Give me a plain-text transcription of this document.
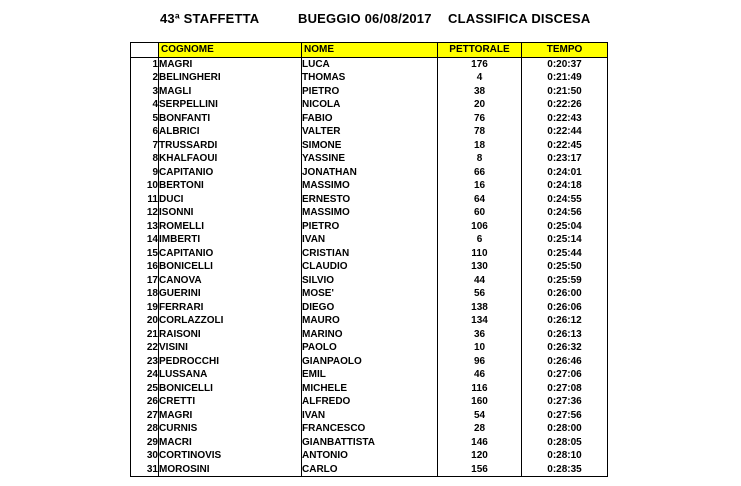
43ª STAFFETTA	BUEGGIO 06/08/2017 CLASSIFICA DISCESA
	COGNOME	NOME	PETTORALE	TEMPO
1	MAGRI	LUCA	176	0:20:37
2	BELINGHERI	THOMAS	4	0:21:49
3	MAGLI	PIETRO	38	0:21:50
4	SERPELLINI	NICOLA	20	0:22:26
5	BONFANTI	FABIO	76	0:22:43
6	ALBRICI	VALTER	78	0:22:44
7	TRUSSARDI	SIMONE	18	0:22:45
8	KHALFAOUI	YASSINE	8	0:23:17
9	CAPITANIO	JONATHAN	66	0:24:01
10	BERTONI	MASSIMO	16	0:24:18
11	DUCI	ERNESTO	64	0:24:55
12	ISONNI	MASSIMO	60	0:24:56
13	ROMELLI	PIETRO	106	0:25:04
14	IMBERTI	IVAN	6	0:25:14
15	CAPITANIO	CRISTIAN	110	0:25:44
16	BONICELLI	CLAUDIO	130	0:25:50
17	CANOVA	SILVIO	44	0:25:59
18	GUERINI	MOSE'	56	0:26:00
19	FERRARI	DIEGO	138	0:26:06
20	CORLAZZOLI	MAURO	134	0:26:12
21	RAISONI	MARINO	36	0:26:13
22	VISINI	PAOLO	10	0:26:32
23	PEDROCCHI	GIANPAOLO	96	0:26:46
24	LUSSANA	EMIL	46	0:27:06
25	BONICELLI	MICHELE	116	0:27:08
26	CRETTI	ALFREDO	160	0:27:36
27	MAGRI	IVAN	54	0:27:56
28	CURNIS	FRANCESCO	28	0:28:00
29	MACRI	GIANBATTISTA	146	0:28:05
30	CORTINOVIS	ANTONIO	120	0:28:10
31	MOROSINI	CARLO	156	0:28:35
